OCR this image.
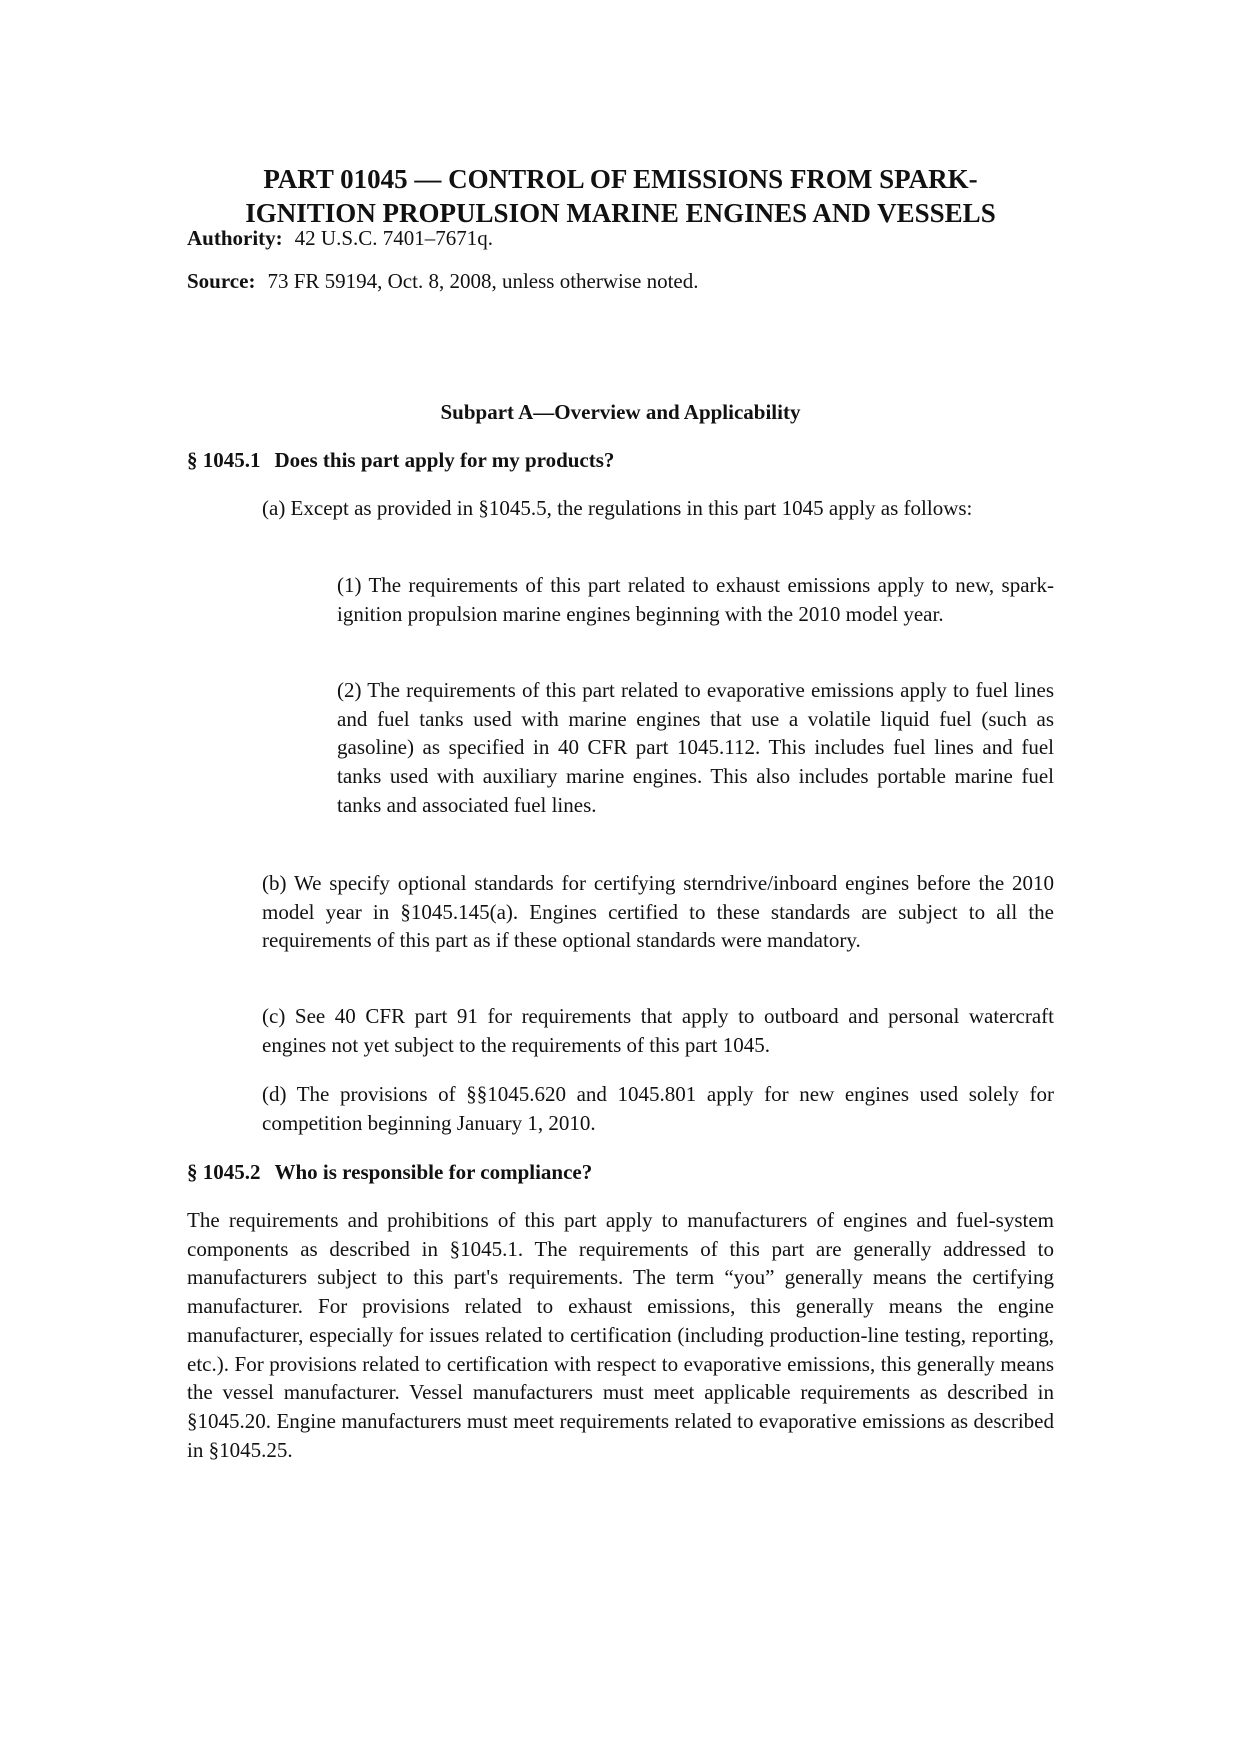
PART 01045 — CONTROL OF EMISSIONS FROM SPARK-
IGNITION PROPULSION MARINE ENGINES AND VESSELS
Authority: 42 U.S.C. 7401–7671q.
Source: 73 FR 59194, Oct. 8, 2008, unless otherwise noted.
Subpart A—Overview and Applicability
§ 1045.1 Does this part apply for my products?

(a) Except as provided in §1045.5, the regulations in this part 1045 apply as follows:

(1) The requirements of this part related to exhaust emissions apply to new, spark-ignition propulsion marine engines beginning with the 2010 model year.

(2) The requirements of this part related to evaporative emissions apply to fuel lines and fuel tanks used with marine engines that use a volatile liquid fuel (such as gasoline) as specified in 40 CFR part 1045.112. This includes fuel lines and fuel tanks used with auxiliary marine engines. This also includes portable marine fuel tanks and associated fuel lines.

(b) We specify optional standards for certifying sterndrive/inboard engines before the 2010 model year in §1045.145(a). Engines certified to these standards are subject to all the requirements of this part as if these optional standards were mandatory.

(c) See 40 CFR part 91 for requirements that apply to outboard and personal watercraft engines not yet subject to the requirements of this part 1045.

(d) The provisions of §§1045.620 and 1045.801 apply for new engines used solely for competition beginning January 1, 2010.

§ 1045.2 Who is responsible for compliance?

The requirements and prohibitions of this part apply to manufacturers of engines and fuel-system components as described in §1045.1. The requirements of this part are generally addressed to manufacturers subject to this part's requirements. The term “you” generally means the certifying manufacturer. For provisions related to exhaust emissions, this generally means the engine manufacturer, especially for issues related to certification (including production-line testing, reporting, etc.). For provisions related to certification with respect to evaporative emissions, this generally means the vessel manufacturer. Vessel manufacturers must meet applicable requirements as described in §1045.20. Engine manufacturers must meet requirements related to evaporative emissions as described in §1045.25.
